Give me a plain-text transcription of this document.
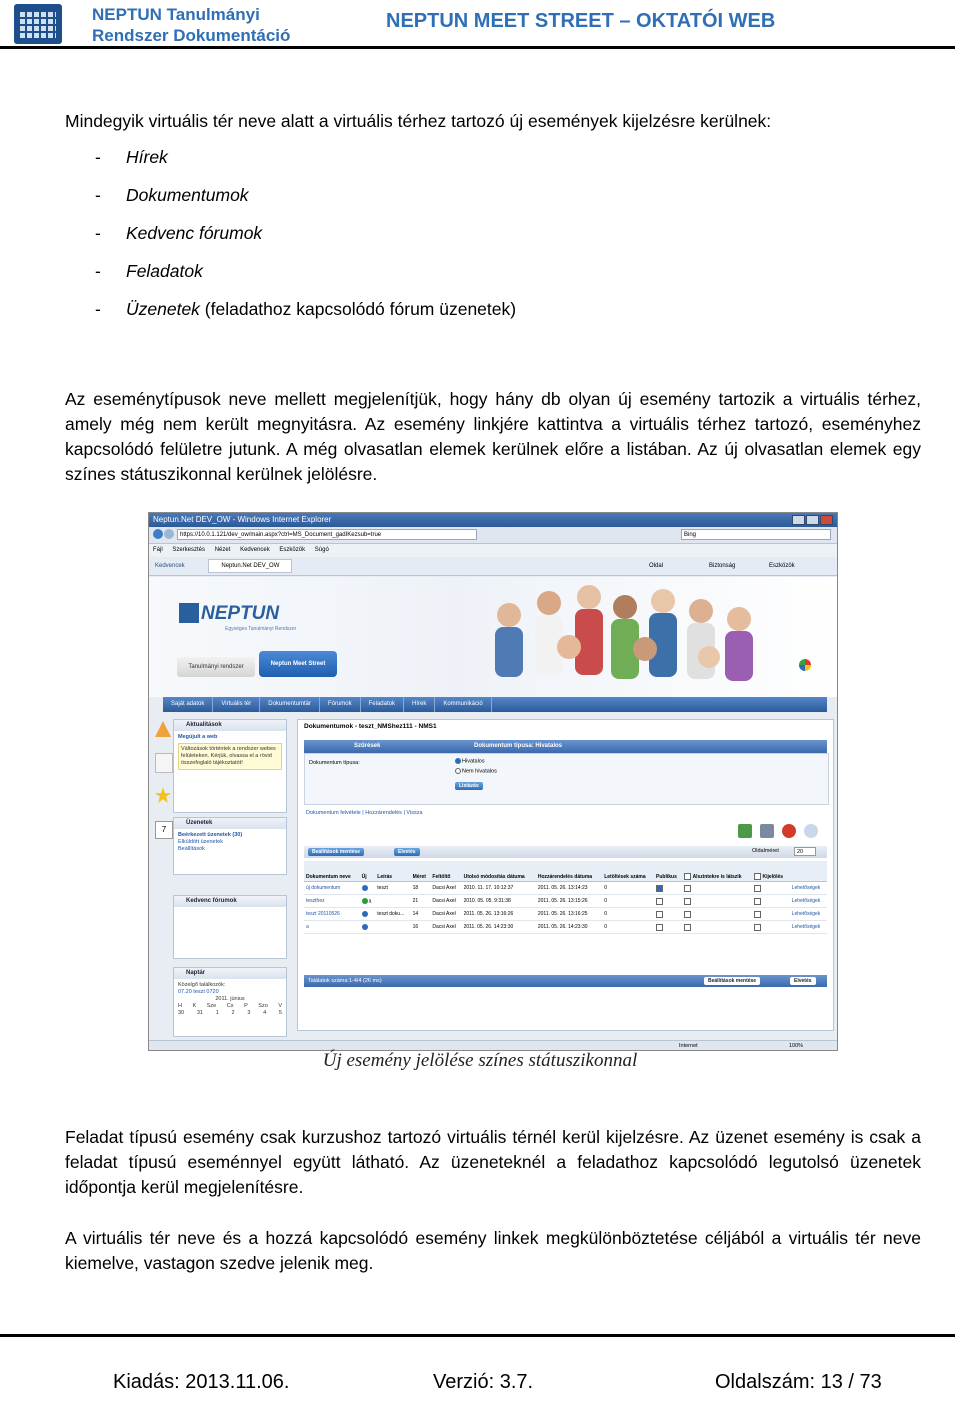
NEPTUN Tanulmányi
Rendszer Dokumentáció
NEPTUN MEET STREET – OKTATÓI WEB
Mindegyik virtuális tér neve alatt a virtuális térhez tartozó új események kijelzésre kerülnek:
- Hírek
- Dokumentumok
- Kedvenc fórumok
- Feladatok
- Üzenetek (feladathoz kapcsolódó fórum üzenetek)
Az eseménytípusok neve mellett megjelenítjük, hogy hány db olyan új esemény tartozik a virtuális térhez, amely még nem került megnyitásra. Az esemény linkjére kattintva a virtuális térhez tartozó, eseményhez kapcsolódó felületre jutunk. A még olvasatlan elemek kerülnek előre a listában. Az új olvasatlan elemek egy színes státuszikonnal kerülnek jelölésre.
Neptun.Net DEV_OW - Windows Internet Explorer
https://10.0.1.121/dev_ow/main.aspx?ctrl=MS_Document_gadIKezsub=true	Bing
Fájl Szerkesztés Nézet Kedvencek Eszközök Súgó
Kedvencek	Neptun.Net DEV_OW	Oldal	Biztonság	Eszközök
NEPTUN
Egységes Tanulmányi Rendszer
Tanulmányi rendszer	Neptun Meet Street
Saját adatok	Virtuális tér	Dokumentumtár	Fórumok	Feladatok	Hírek	Kommunikáció
7
Aktualitások
Megújult a web
Változások történtek a rendszer webes felületeken. Kérjük, olvassa el a rövid összefoglaló tájékoztatót!
Üzenetek
Beérkezett üzenetek (30)
Elküldött üzenetek
Beállítások
Kedvenc fórumok
Naptár
Közelgő találkozók:
07.20 teszt 0720
2011. június
H K Sze Cs P Szo V
30 31 1 2 3 4 5
Dokumentumok - teszt_NMShez111 - NMS1
Szűrések	Dokumentum típusa: Hivatalos
Dokumentum típusa:	Hivatalos
Nem hivatalos
Listázás
Dokumentum felvétele | Hozzárendelés | Vissza
Beállítások mentése	Elvetés	Oldalméret	20
Dokumentum neve	Új	Leírás	Méret	Feltöltő	Utolsó módosítás dátuma	Hozzárendelés dátuma	Letöltések száma	Publikus	Alszintekre is látszik	Kijelölés	
új dokumentum		teszt	18	Dacsi Axel	2010. 11. 17. 10:12:37	2011. 05. 26. 13:14:23	0				Lehetőségek
teszthez	a		21	Dacsi Axel	2010. 05. 05. 9:31:38	2011. 05. 26. 13:15:26	0				Lehetőségek
teszt 20110526		teszt doku...	14	Dacsi Axel	2011. 05. 26. 13:16:26	2011. 05. 26. 13:16:25	0				Lehetőségek
a			16	Dacsi Axel	2011. 05. 26. 14:23:30	2011. 05. 26. 14:23:30	0				Lehetőségek
Találatok száma:1-4/4 (26 ms)	Beállítások mentése	Elvetés
Internet	100%
Új esemény jelölése színes státuszikonnal
Feladat típusú esemény csak kurzushoz tartozó virtuális térnél kerül kijelzésre. Az üzenet esemény is csak a feladat típusú eseménnyel együtt látható. Az üzeneteknél a feladathoz kapcsolódó legutolsó üzenetek időpontja kerül megjelenítésre.
A virtuális tér neve és a hozzá kapcsolódó esemény linkek megkülönböztetése céljából a virtuális tér neve kiemelve, vastagon szedve jelenik meg.
Kiadás: 2013.11.06.	Verzió: 3.7.	Oldalszám: 13 / 73
